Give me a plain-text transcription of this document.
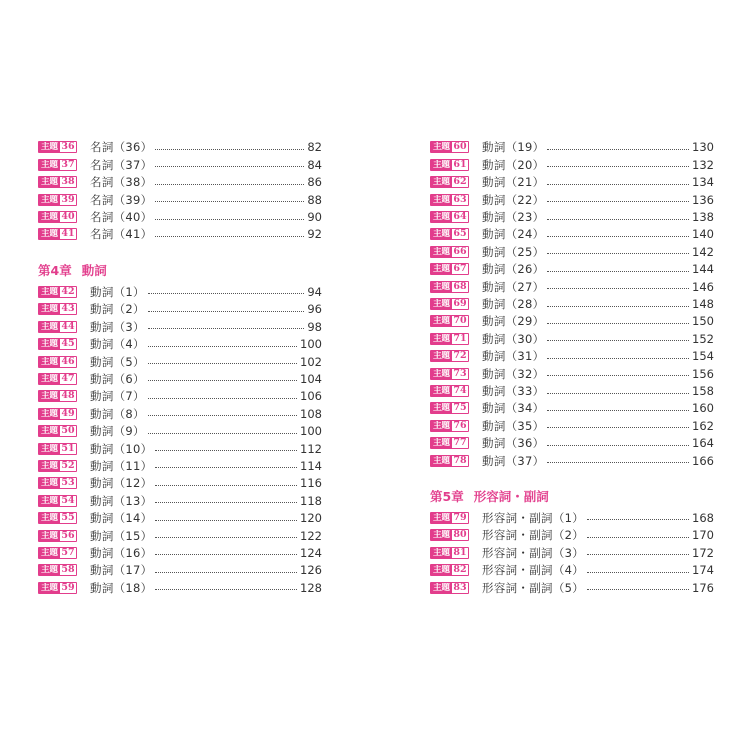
主題 36 名詞（36）	82
主題 37 名詞（37）	84
主題 38 名詞（38）	86
主題 39 名詞（39）	88
主題 40 名詞（40）	90
主題 41 名詞（41）	92
第4章 動詞
主題 42 動詞（1）	94
主題 43 動詞（2）	96
主題 44 動詞（3）	98
主題 45 動詞（4）	100
主題 46 動詞（5）	102
主題 47 動詞（6）	104
主題 48 動詞（7）	106
主題 49 動詞（8）	108
主題 50 動詞（9）	100
主題 51 動詞（10）	112
主題 52 動詞（11）	114
主題 53 動詞（12）	116
主題 54 動詞（13）	118
主題 55 動詞（14）	120
主題 56 動詞（15）	122
主題 57 動詞（16）	124
主題 58 動詞（17）	126
主題 59 動詞（18）	128
主題 60 動詞（19）	130
主題 61 動詞（20）	132
主題 62 動詞（21）	134
主題 63 動詞（22）	136
主題 64 動詞（23）	138
主題 65 動詞（24）	140
主題 66 動詞（25）	142
主題 67 動詞（26）	144
主題 68 動詞（27）	146
主題 69 動詞（28）	148
主題 70 動詞（29）	150
主題 71 動詞（30）	152
主題 72 動詞（31）	154
主題 73 動詞（32）	156
主題 74 動詞（33）	158
主題 75 動詞（34）	160
主題 76 動詞（35）	162
主題 77 動詞（36）	164
主題 78 動詞（37）	166
第5章 形容詞・副詞
主題 79 形容詞・副詞（1）	168
主題 80 形容詞・副詞（2）	170
主題 81 形容詞・副詞（3）	172
主題 82 形容詞・副詞（4）	174
主題 83 形容詞・副詞（5）	176
